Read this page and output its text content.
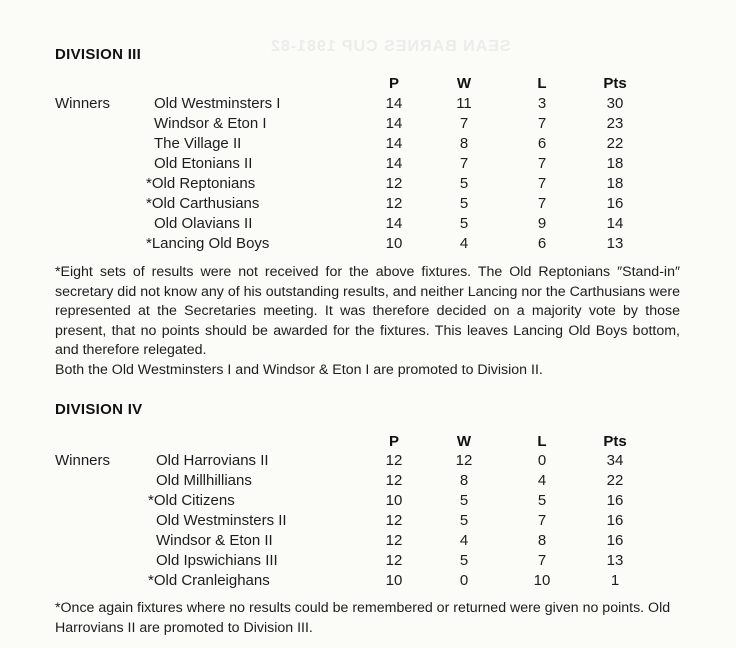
SEAN BARNES CUP 1981-82
DIVISION III
P	W	L	Pts
Winners	Old Westminsters I	14	11	3	30
Windsor & Eton I	14	7	7	23
The Village II	14	8	6	22
Old Etonians II	14	7	7	18
*Old Reptonians	12	5	7	18
*Old Carthusians	12	5	7	16
Old Olavians II	14	5	9	14
*Lancing Old Boys	10	4	6	13

*Eight sets of results were not received for the above fixtures. The Old Reptonians ″Stand-in″ secretary did not know any of his outstanding results, and neither Lancing nor the Carthusians were represented at the Secretaries meeting. It was therefore decided on a majority vote by those present, that no points should be awarded for the fixtures. This leaves Lancing Old Boys bottom, and therefore relegated.

Both the Old Westminsters I and Windsor & Eton I are promoted to Division II.

DIVISION IV
P	W	L	Pts
Winners	Old Harrovians II	12	12	0	34
Old Millhillians	12	8	4	22
*Old Citizens	10	5	5	16
Old Westminsters II	12	5	7	16
Windsor & Eton II	12	4	8	16
Old Ipswichians III	12	5	7	13
*Old Cranleighans	10	0	10	1

*Once again fixtures where no results could be remembered or returned were given no points. Old Harrovians II are promoted to Division III.
